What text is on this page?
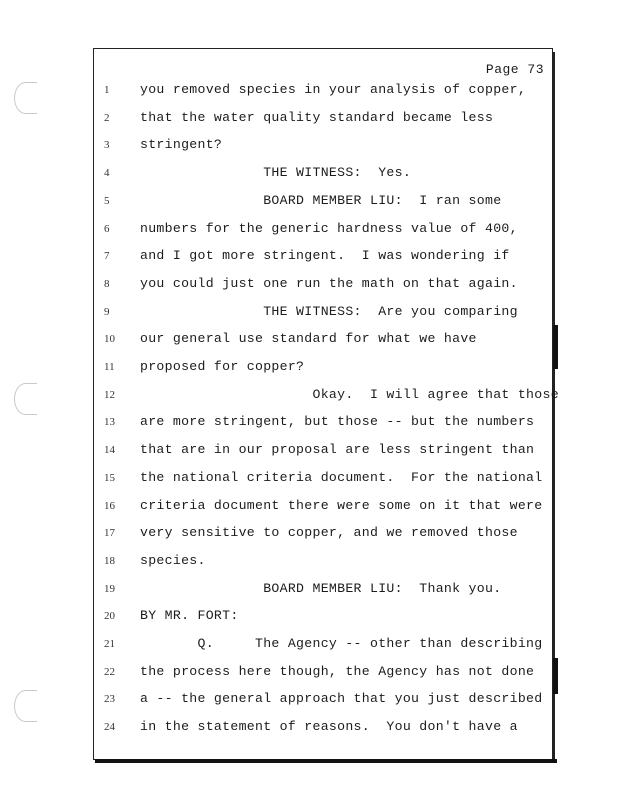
Page 73
1	you removed species in your analysis of copper,
2	that the water quality standard became less
3	stringent?
4	THE WITNESS:  Yes.
5	BOARD MEMBER LIU:  I ran some
6	numbers for the generic hardness value of 400,
7	and I got more stringent.  I was wondering if
8	you could just one run the math on that again.
9	THE WITNESS:  Are you comparing
10	our general use standard for what we have
11	proposed for copper?
12	Okay.  I will agree that those
13	are more stringent, but those -- but the numbers
14	that are in our proposal are less stringent than
15	the national criteria document.  For the national
16	criteria document there were some on it that were
17	very sensitive to copper, and we removed those
18	species.
19	BOARD MEMBER LIU:  Thank you.
20	BY MR. FORT:
21	Q.     The Agency -- other than describing
22	the process here though, the Agency has not done
23	a -- the general approach that you just described
24	in the statement of reasons.  You don't have a
